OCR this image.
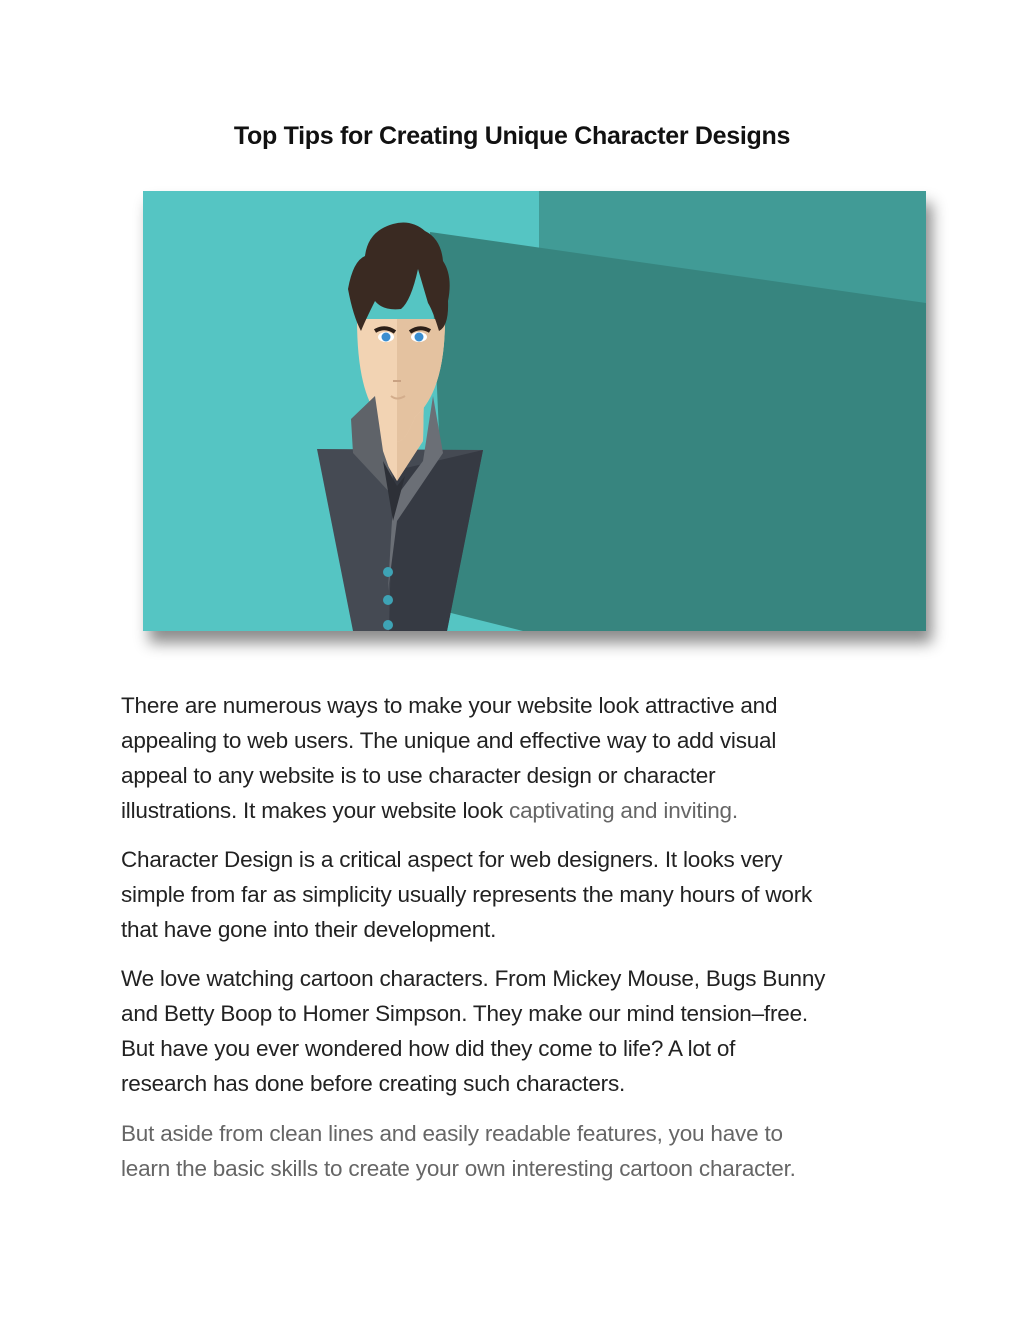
Top Tips for Creating Unique Character Designs
There are numerous ways to make your website look attractive and
appealing to web users. The unique and effective way to add visual
appeal to any website is to use character design or character
illustrations. It makes your website look captivating and inviting.
Character Design is a critical aspect for web designers. It looks very
simple from far as simplicity usually represents the many hours of work
that have gone into their development.
We love watching cartoon characters. From Mickey Mouse, Bugs Bunny
and Betty Boop to Homer Simpson. They make our mind tension–free.
But have you ever wondered how did they come to life? A lot of
research has done before creating such characters.
But aside from clean lines and easily readable features, you have to
learn the basic skills to create your own interesting cartoon character.
